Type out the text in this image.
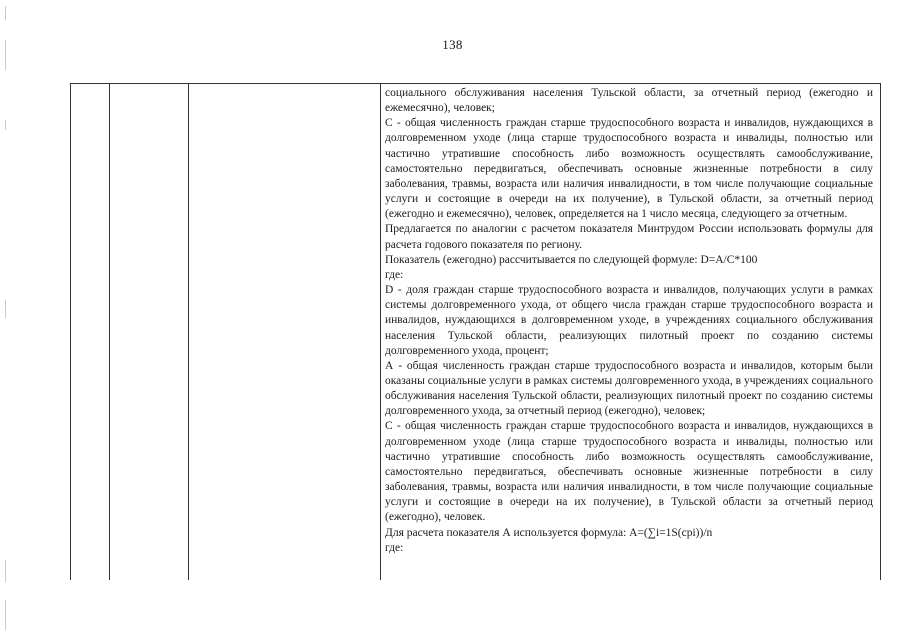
138

социального обслуживания населения Тульской области, за отчетный период (ежегодно и ежемесячно), человек;

С - общая численность граждан старше трудоспособного возраста и инвалидов, нуждающихся в долговременном уходе (лица старше трудоспособного возраста и инвалиды, полностью или частично утратившие способность либо возможность осуществлять самообслуживание, самостоятельно передвигаться, обеспечивать основные жизненные потребности в силу заболевания, травмы, возраста или наличия инвалидности, в том числе получающие социальные услуги и состоящие в очереди на их получение), в Тульской области, за отчетный период (ежегодно и ежемесячно), человек, определяется на 1 число месяца, следующего за отчетным.

Предлагается по аналогии с расчетом показателя Минтрудом России использовать формулы для расчета годового показателя по региону.

Показатель (ежегодно) рассчитывается по следующей формуле: D=A/C*100

где:

D - доля граждан старше трудоспособного возраста и инвалидов, получающих услуги в рамках системы долговременного ухода, от общего числа граждан старше трудоспособного возраста и инвалидов, нуждающихся в долговременном уходе, в учреждениях социального обслуживания населения Тульской области, реализующих пилотный проект по созданию системы долговременного ухода, процент;

А - общая численность граждан старше трудоспособного возраста и инвалидов, которым были оказаны социальные услуги в рамках системы долговременного ухода, в учреждениях социального обслуживания населения Тульской области, реализующих пилотный проект по созданию системы долговременного ухода, за отчетный период (ежегодно), человек;

С - общая численность граждан старше трудоспособного возраста и инвалидов, нуждающихся в долговременном уходе (лица старше трудоспособного возраста и инвалиды, полностью или частично утратившие способность либо возможность осуществлять самообслуживание, самостоятельно передвигаться, обеспечивать основные жизненные потребности в силу заболевания, травмы, возраста или наличия инвалидности, в том числе получающие социальные услуги и состоящие в очереди на их получение), в Тульской области за отчетный период (ежегодно), человек.

Для расчета показателя А используется формула: A=(∑i=1S(cpi))/n

где:
